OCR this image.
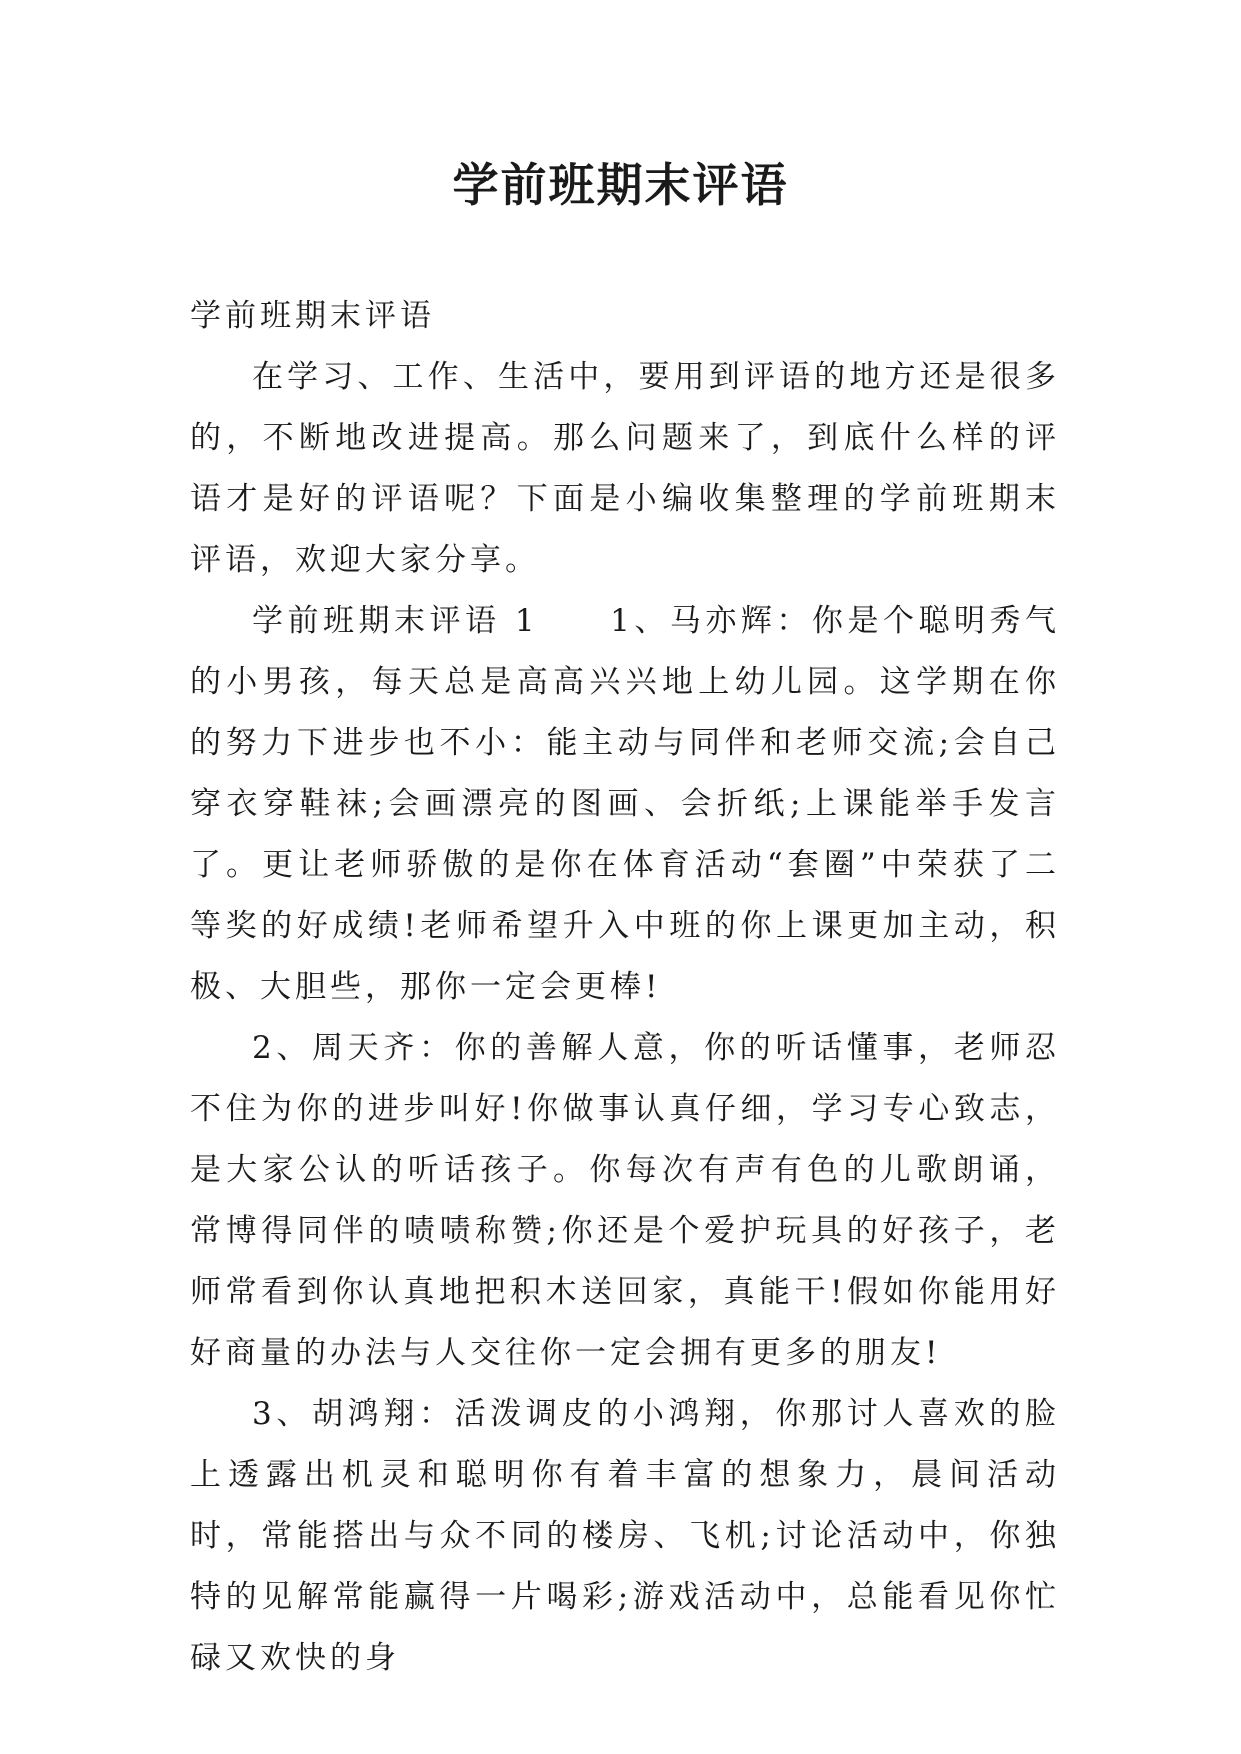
学前班期末评语

学前班期末评语

在学习、工作、生活中，要用到评语的地方还是很多的，不断地改进提高。那么问题来了，到底什么样的评语才是好的评语呢？下面是小编收集整理的学前班期末评语，欢迎大家分享。

学前班期末评语 1　　1、马亦辉：你是个聪明秀气的小男孩，每天总是高高兴兴地上幼儿园。这学期在你的努力下进步也不小：能主动与同伴和老师交流;会自己穿衣穿鞋袜;会画漂亮的图画、会折纸;上课能举手发言了。更让老师骄傲的是你在体育活动“套圈”中荣获了二等奖的好成绩!老师希望升入中班的你上课更加主动，积极、大胆些，那你一定会更棒!

2、周天齐：你的善解人意，你的听话懂事，老师忍不住为你的进步叫好!你做事认真仔细，学习专心致志，是大家公认的听话孩子。你每次有声有色的儿歌朗诵，常博得同伴的啧啧称赞;你还是个爱护玩具的好孩子，老师常看到你认真地把积木送回家，真能干!假如你能用好好商量的办法与人交往你一定会拥有更多的朋友!

3、胡鸿翔：活泼调皮的小鸿翔，你那讨人喜欢的脸上透露出机灵和聪明你有着丰富的想象力，晨间活动时，常能搭出与众不同的楼房、飞机;讨论活动中，你独特的见解常能赢得一片喝彩;游戏活动中，总能看见你忙碌又欢快的身
